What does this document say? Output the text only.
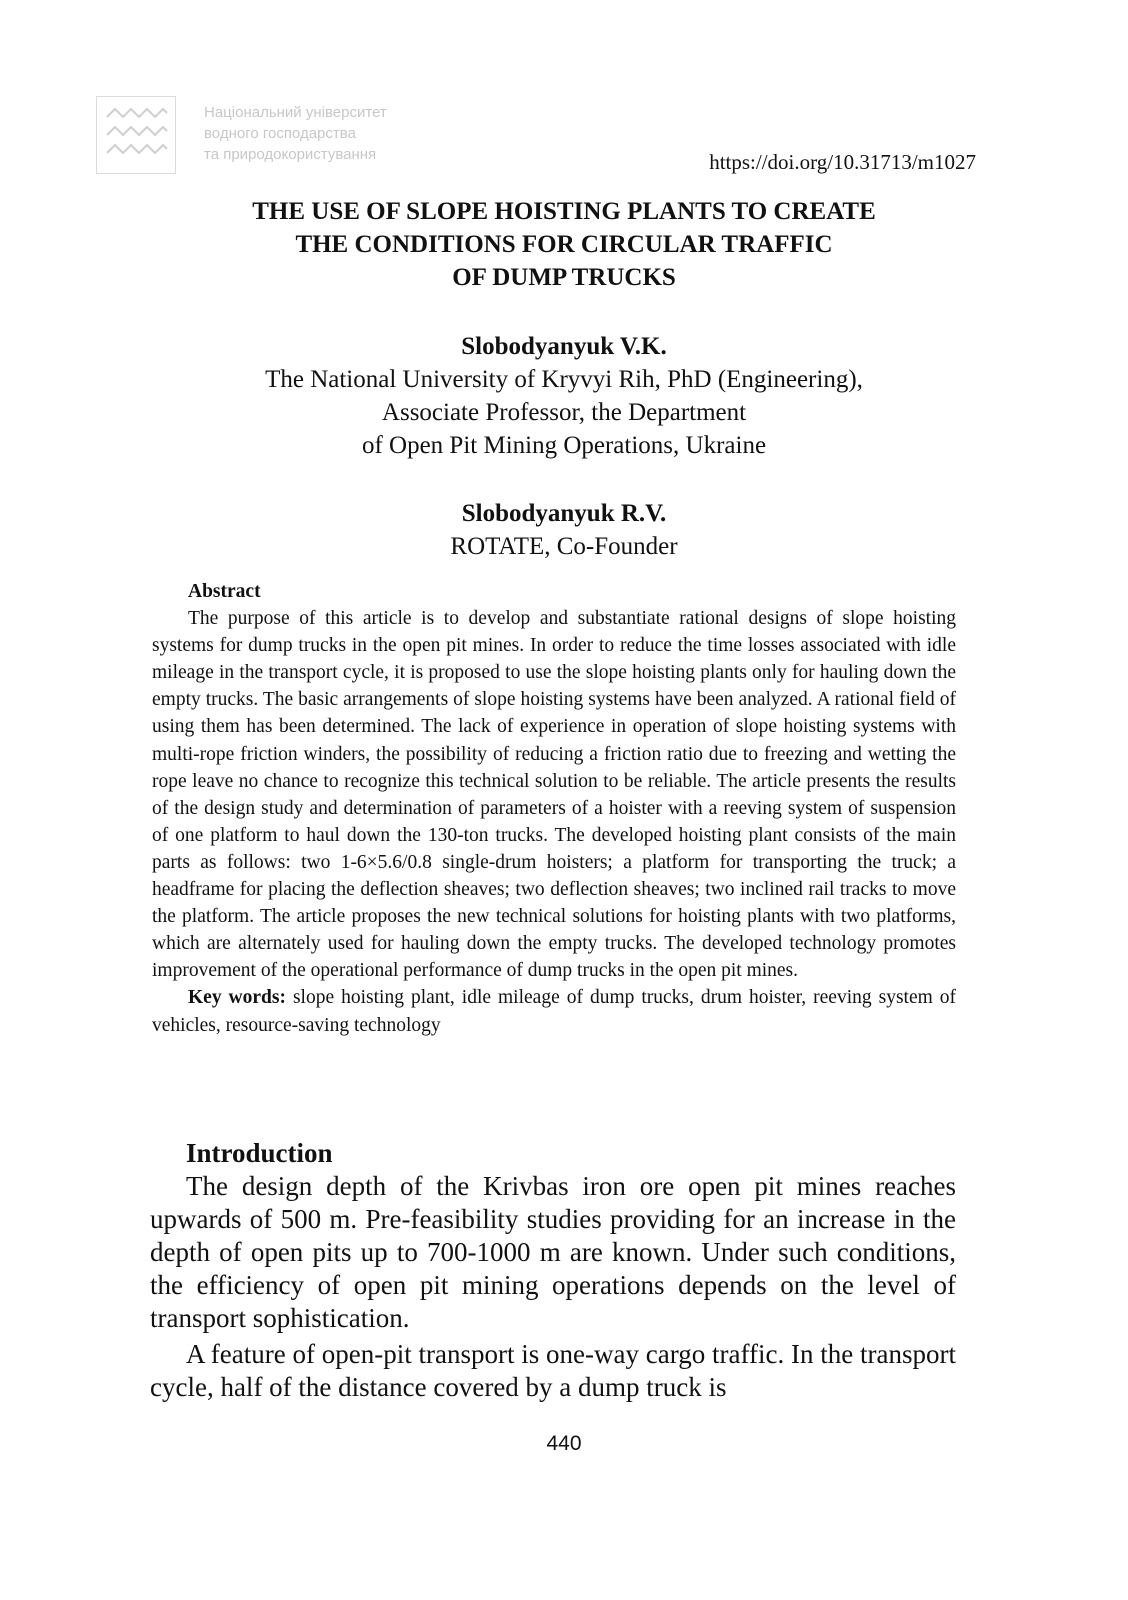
Національний університет
водного господарства
та природокористування	https://doi.org/10.31713/m1027
THE USE OF SLOPE HOISTING PLANTS TO CREATE
THE CONDITIONS FOR CIRCULAR TRAFFIC
OF DUMP TRUCKS
Slobodyanyuk V.K.
The National University of Kryvyi Rih, PhD (Engineering),
Associate Professor, the Department
of Open Pit Mining Operations, Ukraine
Slobodyanyuk R.V.
ROTATE, Co-Founder
Abstract

The purpose of this article is to develop and substantiate rational designs of slope hoisting systems for dump trucks in the open pit mines. In order to reduce the time losses associated with idle mileage in the transport cycle, it is proposed to use the slope hoisting plants only for hauling down the empty trucks. The basic arrangements of slope hoisting systems have been analyzed. A rational field of using them has been determined. The lack of experience in operation of slope hoisting systems with multi-rope friction winders, the possibility of reducing a friction ratio due to freezing and wetting the rope leave no chance to recognize this technical solution to be reliable. The article presents the results of the design study and determination of parameters of a hoister with a reeving system of suspension of one platform to haul down the 130-ton trucks. The developed hoisting plant consists of the main parts as follows: two 1-6×5.6/0.8 single-drum hoisters; a platform for transporting the truck; a headframe for placing the deflection sheaves; two deflection sheaves; two inclined rail tracks to move the platform. The article proposes the new technical solutions for hoisting plants with two platforms, which are alternately used for hauling down the empty trucks. The developed technology promotes improvement of the operational performance of dump trucks in the open pit mines.

Key words: slope hoisting plant, idle mileage of dump trucks, drum hoister, reeving system of vehicles, resource-saving technology

Introduction

The design depth of the Krivbas iron ore open pit mines reaches upwards of 500 m. Pre-feasibility studies providing for an increase in the depth of open pits up to 700-1000 m are known. Under such conditions, the efficiency of open pit mining operations depends on the level of transport sophistication.

A feature of open-pit transport is one-way cargo traffic. In the transport cycle, half of the distance covered by a dump truck is

440
